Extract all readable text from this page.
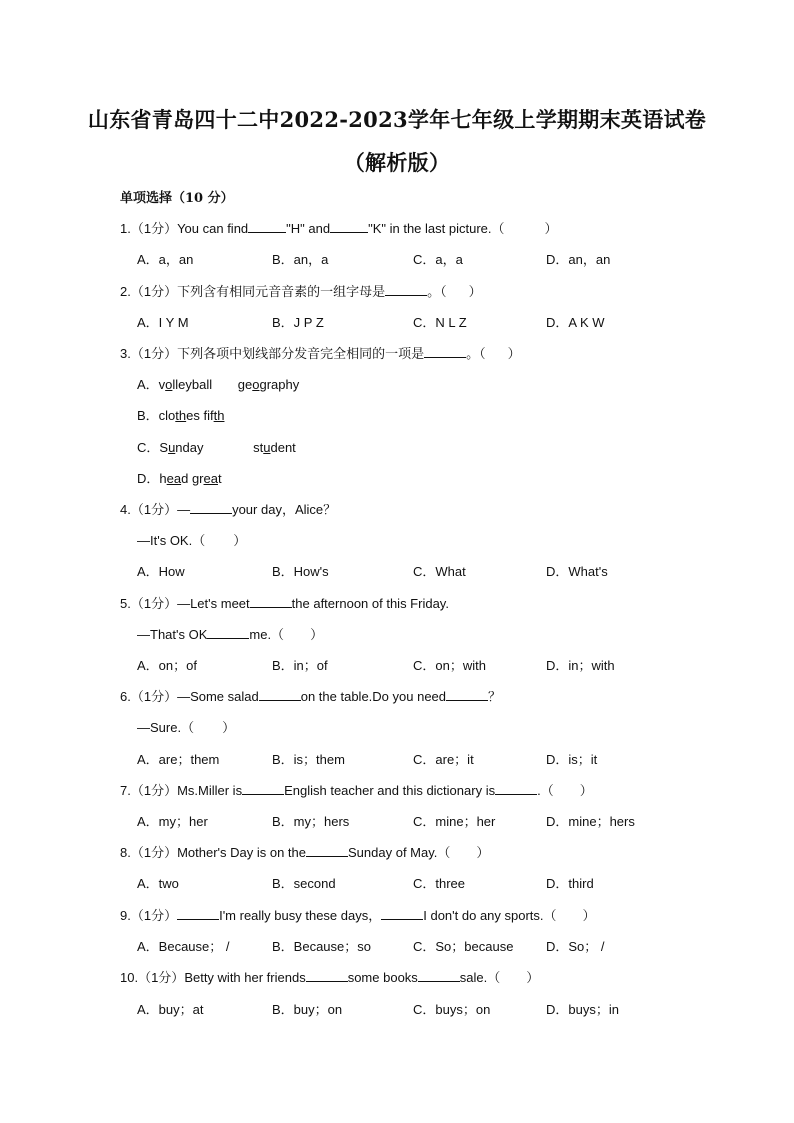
山东省青岛四十二中2022-2023学年七年级上学期期末英语试卷
（解析版）
单项选择（10 分）
1.（1分）You can find	"H" and	"K" in the last picture.（	）
A．a，an	B．an，a	C．a，a	D．an，an
2.（1分）下列含有相同元音音素的一组字母是	。（ ）
A．I Y M	B．J P Z	C．N L Z	D．A K W
3.（1分）下列各项中划线部分发音完全相同的一项是	。（ ）
A．volleyball geography
B．clothes fifth
C．Sunday	student
D．head great
4.（1分）—	your day，Alice？
—It's OK.（ ）
A．How	B．How's	C．What	D．What's
5.（1分）—Let's meet	the afternoon of this Friday.
—That's OK	me.（ ）
A．on；of	B．in；of	C．on；with	D．in；with
6.（1分）—Some salad	on the table.Do you need	？
—Sure.（ ）
A．are；them	B．is；them	C．are；it	D．is；it
7.（1分）Ms.Miller is	English teacher and this dictionary is	.（ ）
A．my；her	B．my；hers	C．mine；her	D．mine；hers
8.（1分）Mother's Day is on the	Sunday of May.（ ）
A．two	B．second	C．three	D．third
9.（1分）	I'm really busy these days，	I don't do any sports.（ ）
A．Because； /	B．Because；so	C．So；because	D．So； /
10.（1分）Betty with her friends	some books	sale.（ ）
A．buy；at	B．buy；on	C．buys；on	D．buys；in
